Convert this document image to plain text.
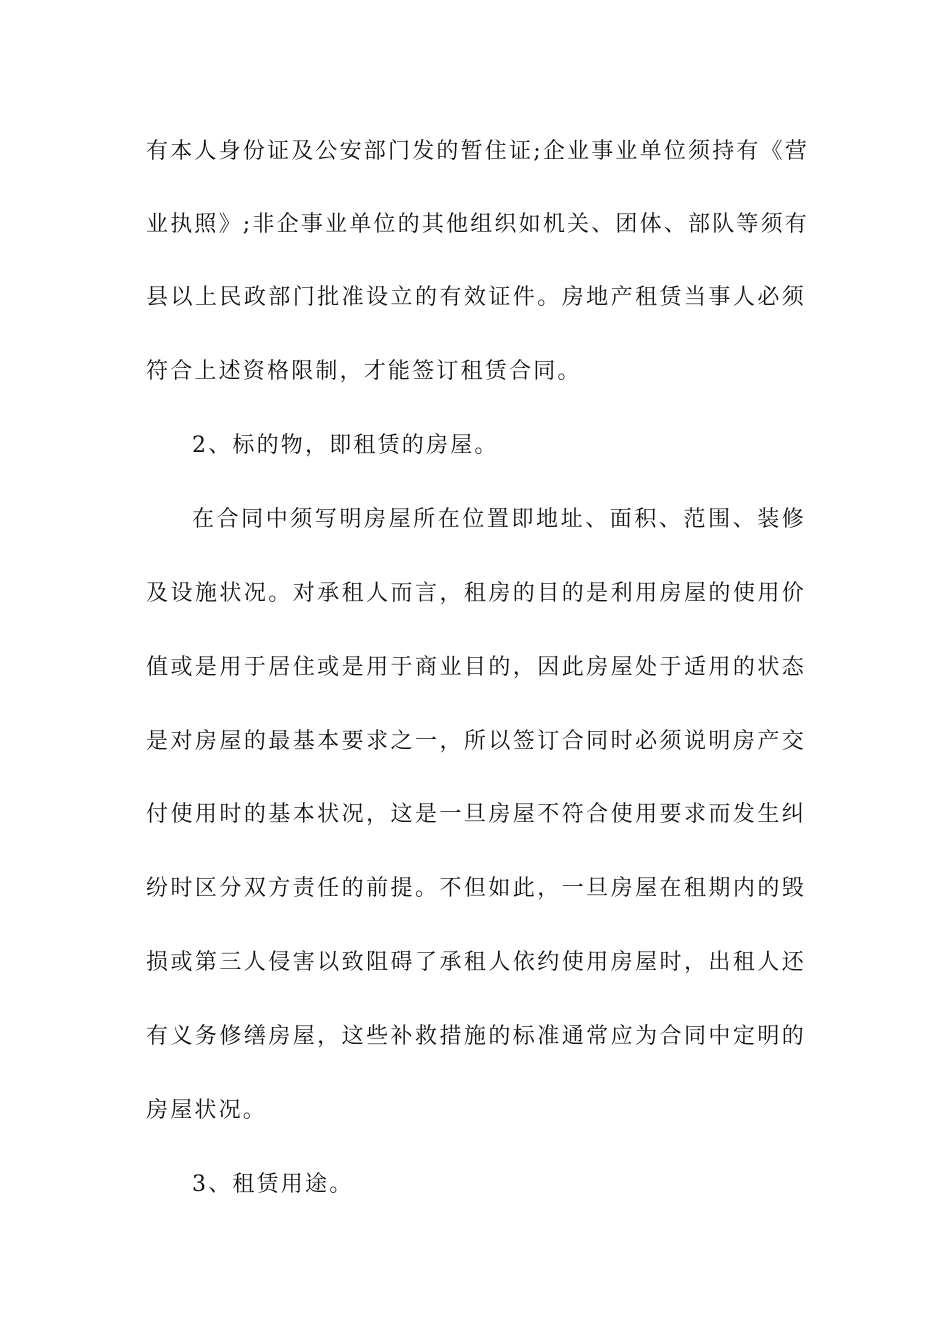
有本人身份证及公安部门发的暂住证;企业事业单位须持有《营
业执照》;非企事业单位的其他组织如机关、团体、部队等须有
县以上民政部门批准设立的有效证件。房地产租赁当事人必须
符合上述资格限制，才能签订租赁合同。
2、标的物，即租赁的房屋。
在合同中须写明房屋所在位置即地址、面积、范围、装修
及设施状况。对承租人而言，租房的目的是利用房屋的使用价
值或是用于居住或是用于商业目的，因此房屋处于适用的状态
是对房屋的最基本要求之一，所以签订合同时必须说明房产交
付使用时的基本状况，这是一旦房屋不符合使用要求而发生纠
纷时区分双方责任的前提。不但如此，一旦房屋在租期内的毁
损或第三人侵害以致阻碍了承租人依约使用房屋时，出租人还
有义务修缮房屋，这些补救措施的标准通常应为合同中定明的
房屋状况。
3、租赁用途。
